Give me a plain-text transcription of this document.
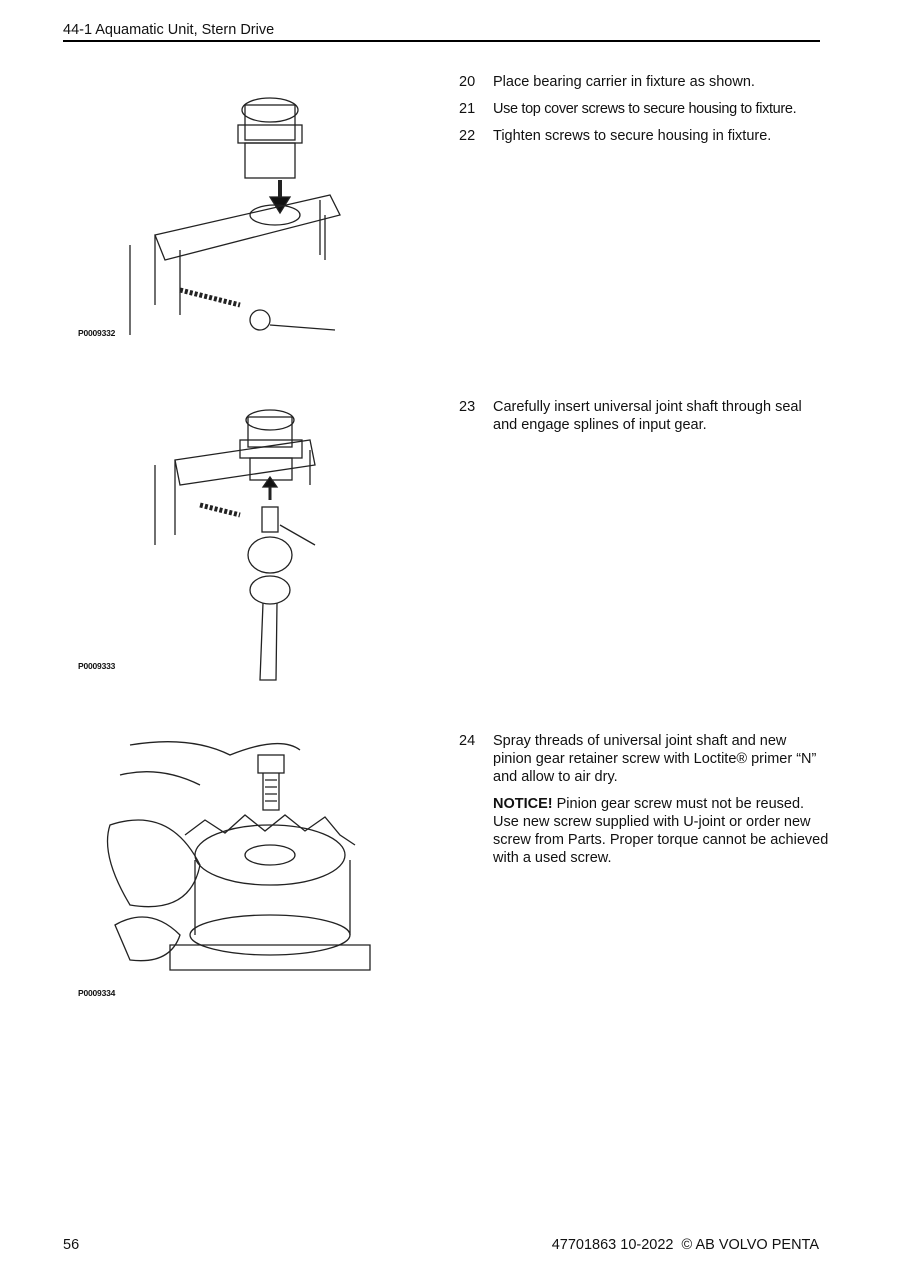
44-1 Aquamatic Unit, Stern Drive
P0009332
P0009333
P0009334
20	Place bearing carrier in fixture as shown.
21	Use top cover screws to secure housing to fixture.
22	Tighten screws to secure housing in fixture.
23	Carefully insert universal joint shaft through seal and engage splines of input gear.
24	Spray threads of universal joint shaft and new pinion gear retainer screw with Loctite® primer “N” and allow to air dry.
NOTICE! Pinion gear screw must not be reused. Use new screw supplied with U-joint or order new screw from Parts. Proper torque cannot be achieved with a used screw.
56	47701863 10-2022  © AB VOLVO PENTA
